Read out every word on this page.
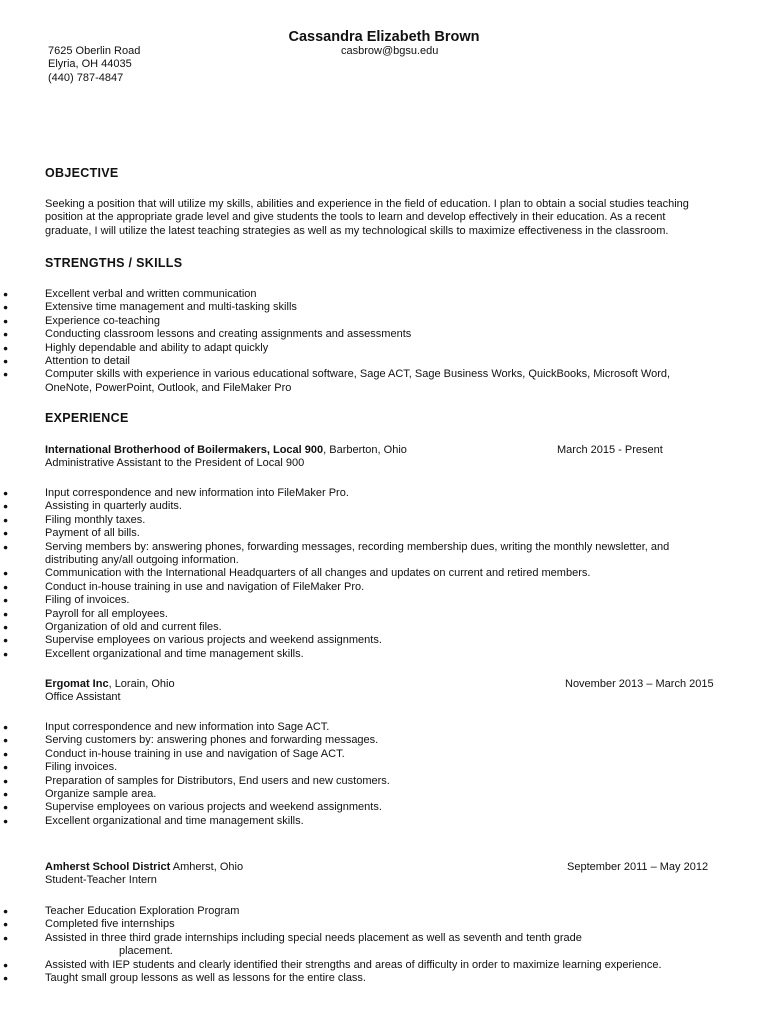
Cassandra Elizabeth Brown
7625 Oberlin Road
Elyria, OH 44035
(440) 787-4847
casbrow@bgsu.edu
OBJECTIVE
Seeking a position that will utilize my skills, abilities and experience in the field of education. I plan to obtain a social studies teaching position at the appropriate grade level and give students the tools to learn and develop effectively in their education. As a recent graduate, I will utilize the latest teaching strategies as well as my technological skills to maximize effectiveness in the classroom.
STRENGTHS / SKILLS
● Excellent verbal and written communication
● Extensive time management and multi-tasking skills
● Experience co-teaching
● Conducting classroom lessons and creating assignments and assessments
● Highly dependable and ability to adapt quickly
● Attention to detail
● Computer skills with experience in various educational software, Sage ACT, Sage Business Works, QuickBooks, Microsoft Word, OneNote, PowerPoint, Outlook, and FileMaker Pro
EXPERIENCE
International Brotherhood of Boilermakers, Local 900, Barberton, Ohio	March 2015 - Present
Administrative Assistant to the President of Local 900
● Input correspondence and new information into FileMaker Pro.
● Assisting in quarterly audits.
● Filing monthly taxes.
● Payment of all bills.
● Serving members by: answering phones, forwarding messages, recording membership dues, writing the monthly newsletter, and distributing any/all outgoing information.
● Communication with the International Headquarters of all changes and updates on current and retired members.
● Conduct in-house training in use and navigation of FileMaker Pro.
● Filing of invoices.
● Payroll for all employees.
● Organization of old and current files.
● Supervise employees on various projects and weekend assignments.
● Excellent organizational and time management skills.
Ergomat Inc, Lorain, Ohio	November 2013 – March 2015
Office Assistant
● Input correspondence and new information into Sage ACT.
● Serving customers by: answering phones and forwarding messages.
● Conduct in-house training in use and navigation of Sage ACT.
● Filing invoices.
● Preparation of samples for Distributors, End users and new customers.
● Organize sample area.
● Supervise employees on various projects and weekend assignments.
● Excellent organizational and time management skills.
Amherst School District Amherst, Ohio	September 2011 – May 2012
Student-Teacher Intern
● Teacher Education Exploration Program
● Completed five internships
● Assisted in three third grade internships including special needs placement as well as seventh and tenth grade
placement.
● Assisted with IEP students and clearly identified their strengths and areas of difficulty in order to maximize learning experience.
● Taught small group lessons as well as lessons for the entire class.
